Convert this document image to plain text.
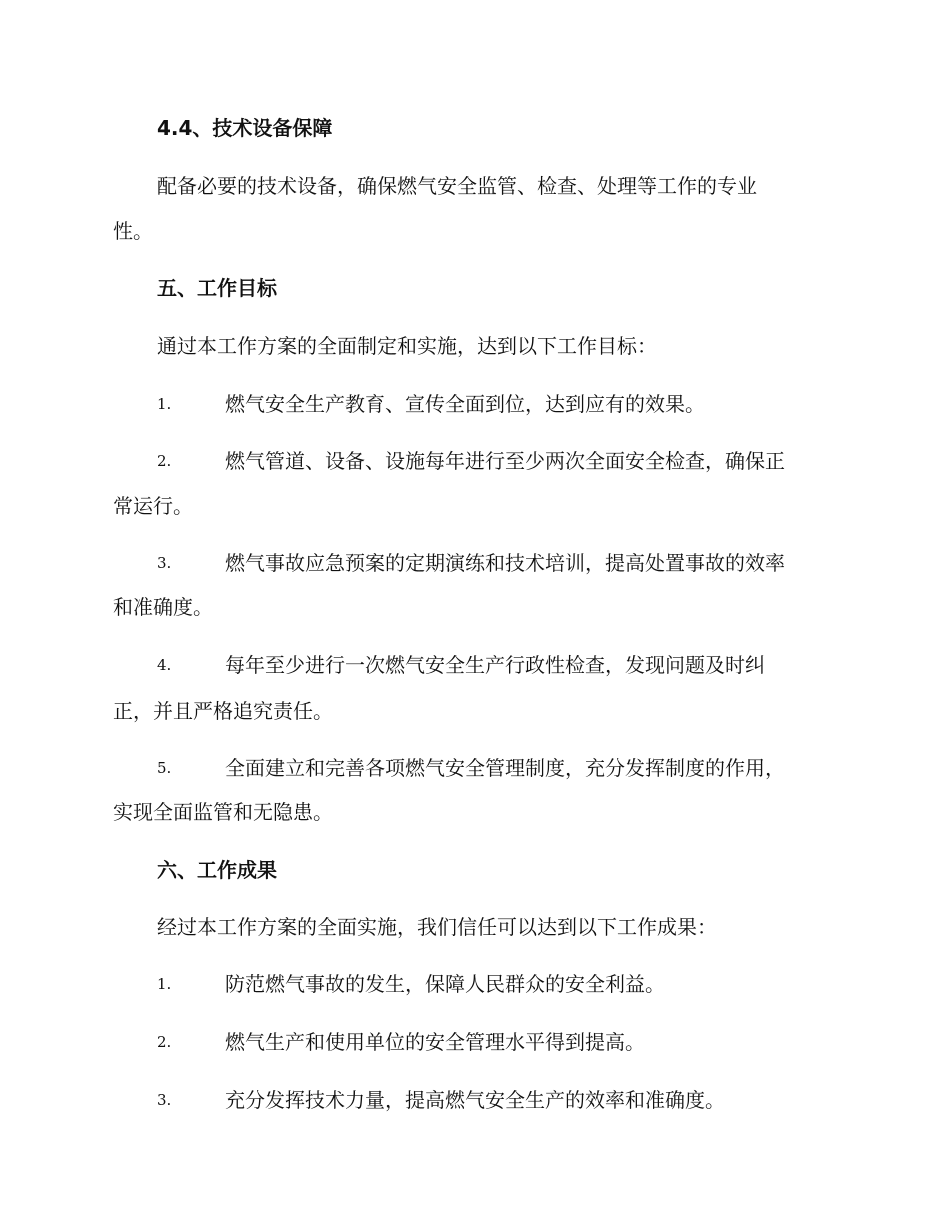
4.4、技术设备保障
配备必要的技术设备，确保燃气安全监管、检查、处理等工作的专业
性。
五、工作目标
通过本工作方案的全面制定和实施，达到以下工作目标：
1.	燃气安全生产教育、宣传全面到位，达到应有的效果。
2.	燃气管道、设备、设施每年进行至少两次全面安全检查，确保正
常运行。
3.	燃气事故应急预案的定期演练和技术培训，提高处置事故的效率
和准确度。
4.	每年至少进行一次燃气安全生产行政性检查，发现问题及时纠
正，并且严格追究责任。
5.	全面建立和完善各项燃气安全管理制度，充分发挥制度的作用，
实现全面监管和无隐患。
六、工作成果
经过本工作方案的全面实施，我们信任可以达到以下工作成果：
1.	防范燃气事故的发生，保障人民群众的安全利益。
2.	燃气生产和使用单位的安全管理水平得到提高。
3.	充分发挥技术力量，提高燃气安全生产的效率和准确度。
